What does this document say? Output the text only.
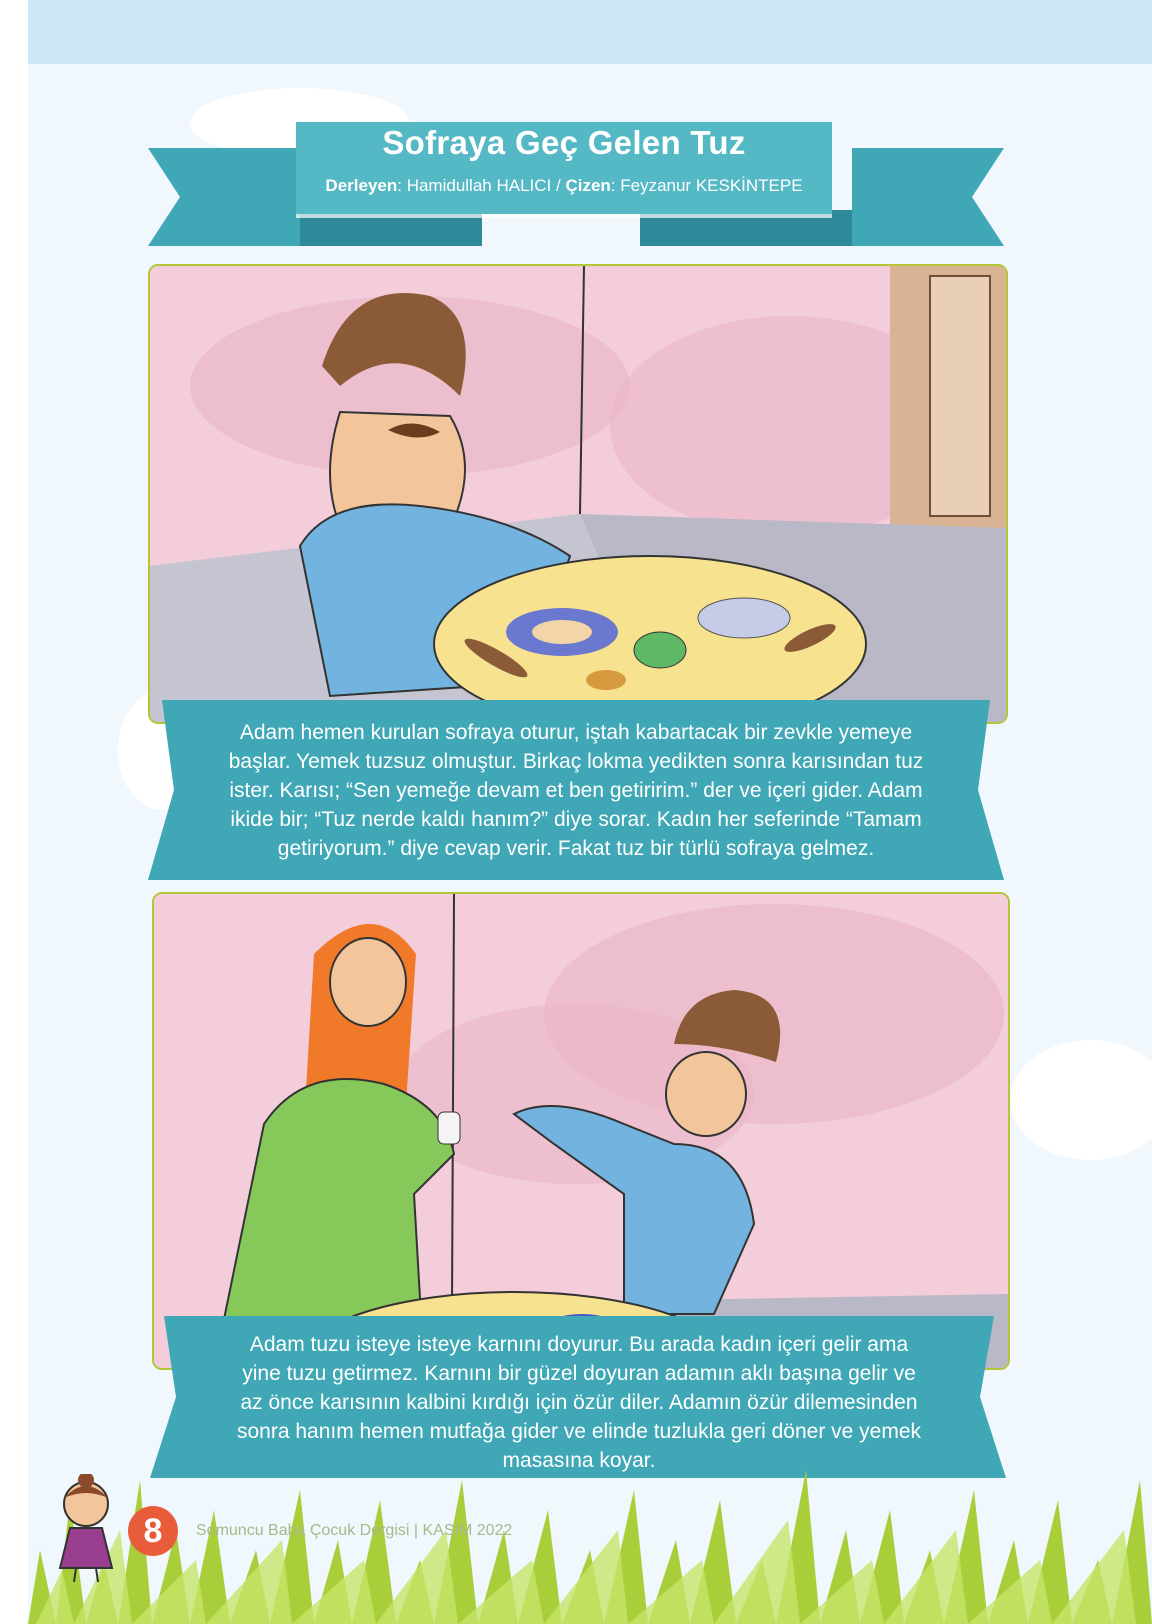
Sofraya Geç Gelen Tuz
Derleyen: Hamidullah HALICI / Çizen: Feyzanur KESKİNTEPE
Adam hemen kurulan sofraya oturur, iştah kabartacak bir zevkle yemeye
başlar. Yemek tuzsuz olmuştur. Birkaç lokma yedikten sonra karısından tuz
ister. Karısı; “Sen yemeğe devam et ben getiririm.” der ve içeri gider. Adam
ikide bir; “Tuz nerde kaldı hanım?” diye sorar. Kadın her seferinde “Tamam
getiriyorum.” diye cevap verir. Fakat tuz bir türlü sofraya gelmez.
Adam tuzu isteye isteye karnını doyurur. Bu arada kadın içeri gelir ama
yine tuzu getirmez. Karnını bir güzel doyuran adamın aklı başına gelir ve
az önce karısının kalbini kırdığı için özür diler. Adamın özür dilemesinden
sonra hanım hemen mutfağa gider ve elinde tuzlukla geri döner ve yemek
masasına koyar.
8	Somuncu Baba Çocuk Dergisi | KASIM 2022
